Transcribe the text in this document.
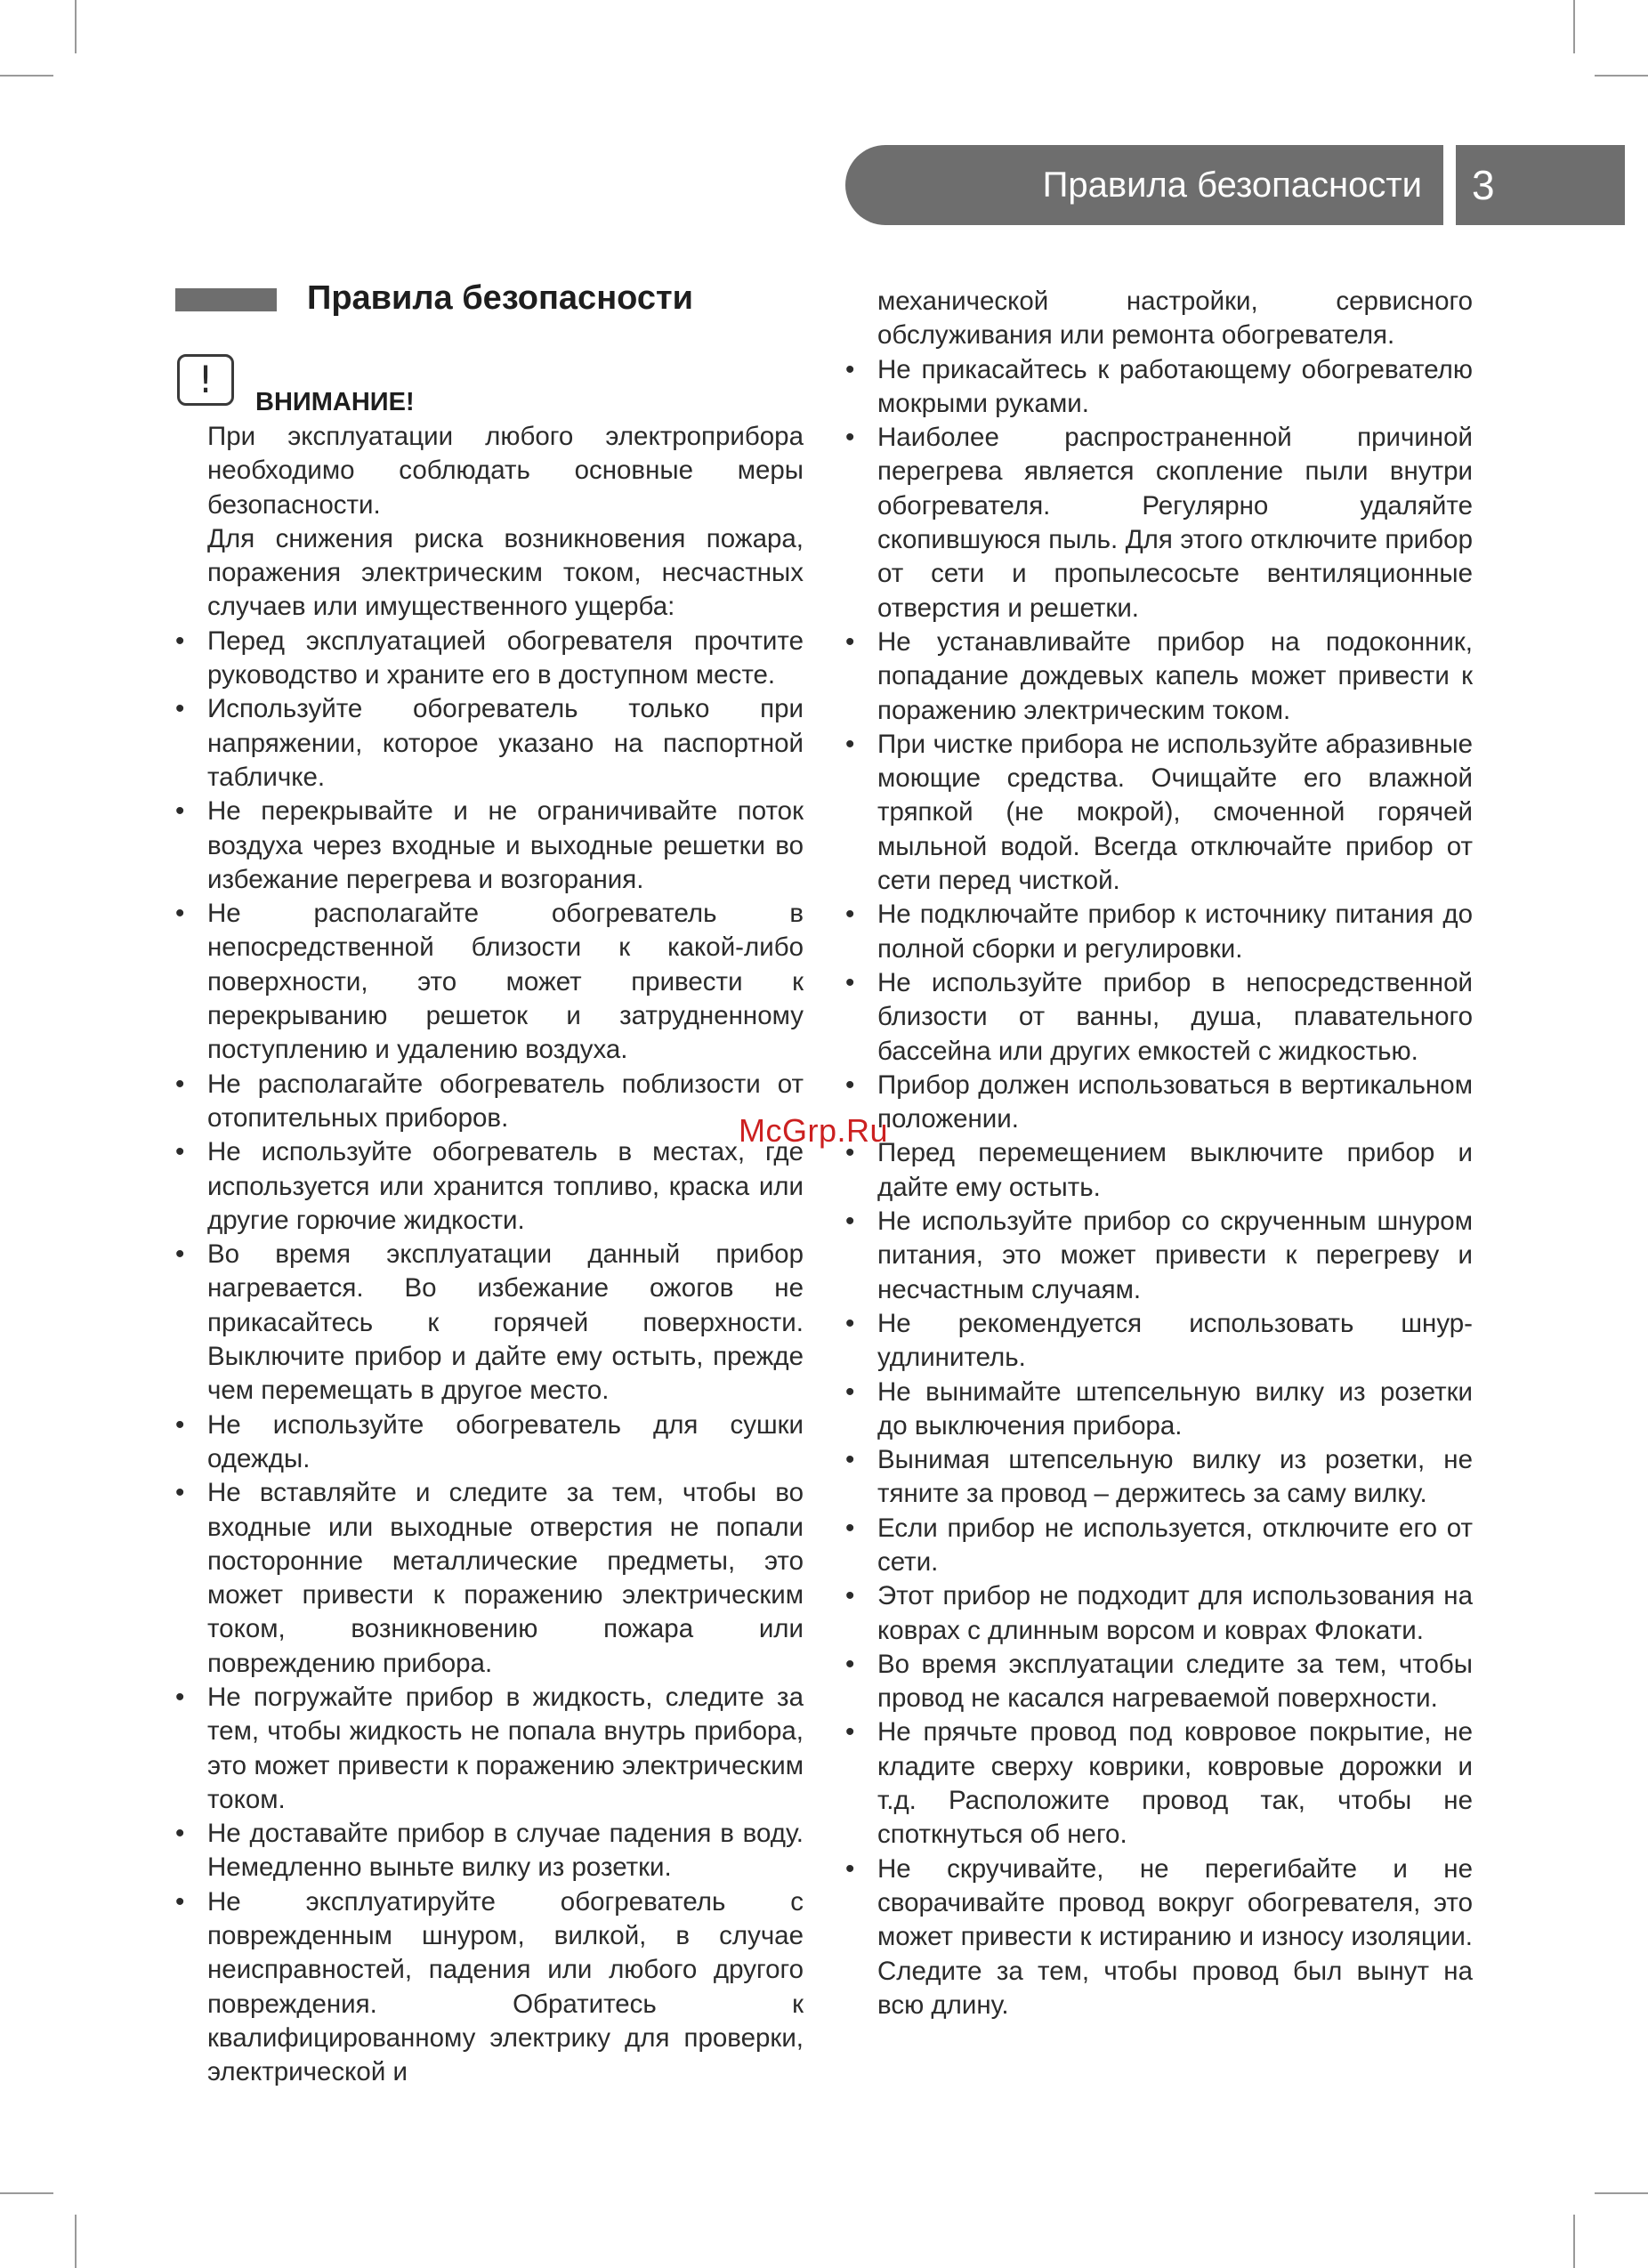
Правила безопасности	3
Правила безопасности
!
ВНИМАНИЕ!

При эксплуатации любого электроприбора необходимо соблюдать основные меры безопасности.

Для снижения риска возникновения пожара, поражения электрическим током, несчастных случаев или имущественного ущерба:

• Перед эксплуатацией обогревателя прочтите руководство и храните его в доступном месте.
• Используйте обогреватель только при напряжении, которое указано на паспортной табличке.
• Не перекрывайте и не ограничивайте поток воздуха через входные и выходные решетки во избежание перегрева и возгорания.
• Не располагайте обогреватель в непосредственной близости к какой-либо поверхности, это может привести к перекрыванию решеток и затрудненному поступлению и удалению воздуха.
• Не располагайте обогреватель поблизости от отопительных приборов.
• Не используйте обогреватель в местах, где используется или хранится топливо, краска или другие горючие жидкости.
• Во время эксплуатации данный прибор нагревается. Во избежание ожогов не прикасайтесь к горячей поверхности. Выключите прибор и дайте ему остыть, прежде чем перемещать в другое место.
• Не используйте обогреватель для сушки одежды.
• Не вставляйте и следите за тем, чтобы во входные или выходные отверстия не попали посторонние металлические предметы, это может привести к поражению электрическим током, возникновению пожара или повреждению прибора.
• Не погружайте прибор в жидкость, следите за тем, чтобы жидкость не попала внутрь прибора, это может привести к поражению электрическим током.
• Не доставайте прибор в случае падения в воду. Немедленно выньте вилку из розетки.
• Не эксплуатируйте обогреватель с поврежденным шнуром, вилкой, в случае неисправностей, падения или любого другого повреждения. Обратитесь к квалифицированному электрику для проверки, электрической и

механической настройки, сервисного обслуживания или ремонта обогревателя.

• Не прикасайтесь к работающему обогревателю мокрыми руками.
• Наиболее распространенной причиной перегрева является скопление пыли внутри обогревателя. Регулярно удаляйте скопившуюся пыль. Для этого отключите прибор от сети и пропылесосьте вентиляционные отверстия и решетки.
• Не устанавливайте прибор на подоконник, попадание дождевых капель может привести к поражению электрическим током.
• При чистке прибора не используйте абразивные моющие средства. Очищайте его влажной тряпкой (не мокрой), смоченной горячей мыльной водой. Всегда отключайте прибор от сети перед чисткой.
• Не подключайте прибор к источнику питания до полной сборки и регулировки.
• Не используйте прибор в непосредственной близости от ванны, душа, плавательного бассейна или других емкостей с жидкостью.
• Прибор должен использоваться в вертикальном положении.
• Перед перемещением выключите прибор и дайте ему остыть.
• Не используйте прибор со скрученным шнуром питания, это может привести к перегреву и несчастным случаям.
• Не рекомендуется использовать шнур-удлинитель.
• Не вынимайте штепсельную вилку из розетки до выключения прибора.
• Вынимая штепсельную вилку из розетки, не тяните за провод – держитесь за саму вилку.
• Если прибор не используется, отключите его от сети.
• Этот прибор не подходит для использования на коврах с длинным ворсом и коврах Флокати.
• Во время эксплуатации следите за тем, чтобы провод не касался нагреваемой поверхности.
• Не прячьте провод под ковровое покрытие, не кладите сверху коврики, ковровые дорожки и т.д. Расположите провод так, чтобы не споткнуться об него.
• Не скручивайте, не перегибайте и не сворачивайте провод вокруг обогревателя, это может привести к истиранию и износу изоляции. Следите за тем, чтобы провод был вынут на всю длину.
McGrp.Ru
